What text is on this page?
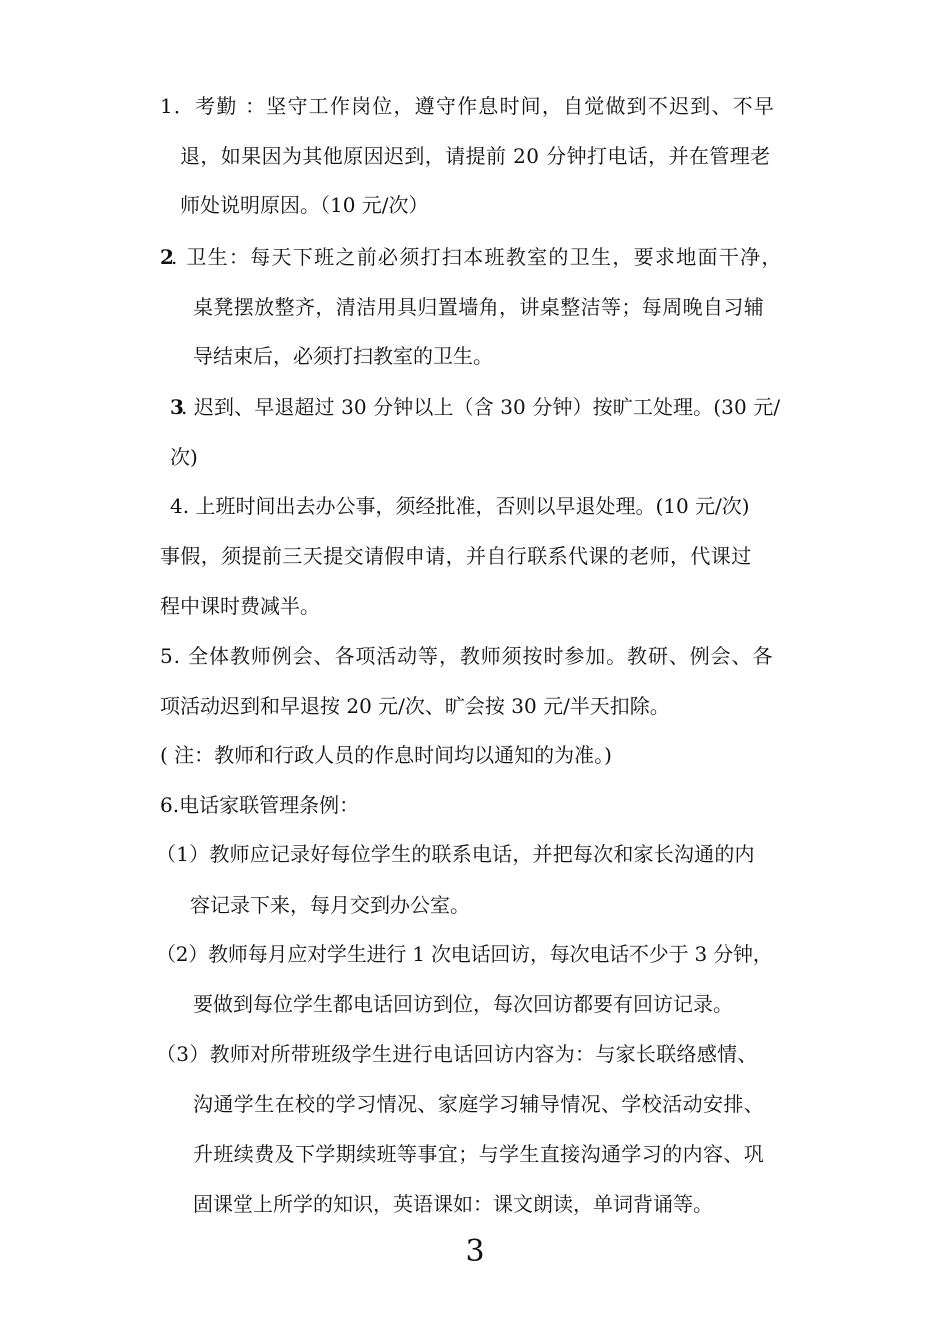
1．考勤 ：坚守工作岗位，遵守作息时间，自觉做到不迟到、不早
退，如果因为其他原因迟到，请提前 20 分钟打电话，并在管理老
师处说明原因。（10 元/次）
2
. 卫生：每天下班之前必须打扫本班教室的卫生，要求地面干净，
桌凳摆放整齐，清洁用具归置墙角，讲桌整洁等；每周晚自习辅
导结束后，必须打扫教室的卫生。
3
. 迟到、早退超过 30 分钟以上（含 30 分钟）按旷工处理。(30 元/
次)
4. 上班时间出去办公事，须经批准，否则以早退处理。(10 元/次)
事假，须提前三天提交请假申请，并自行联系代课的老师，代课过
程中课时费减半。
5. 全体教师例会、各项活动等，教师须按时参加。教研、例会、各
项活动迟到和早退按 20 元/次、旷会按 30 元/半天扣除。
( 注：教师和行政人员的作息时间均以通知的为准。)
6.电话家联管理条例：
（1）教师应记录好每位学生的联系电话，并把每次和家长沟通的内
容记录下来，每月交到办公室。
（2）教师每月应对学生进行 1 次电话回访，每次电话不少于 3 分钟，
要做到每位学生都电话回访到位，每次回访都要有回访记录。
（3）教师对所带班级学生进行电话回访内容为：与家长联络感情、
沟通学生在校的学习情况、家庭学习辅导情况、学校活动安排、
升班续费及下学期续班等事宜；与学生直接沟通学习的内容、巩
固课堂上所学的知识，英语课如：课文朗读，单词背诵等。
3
